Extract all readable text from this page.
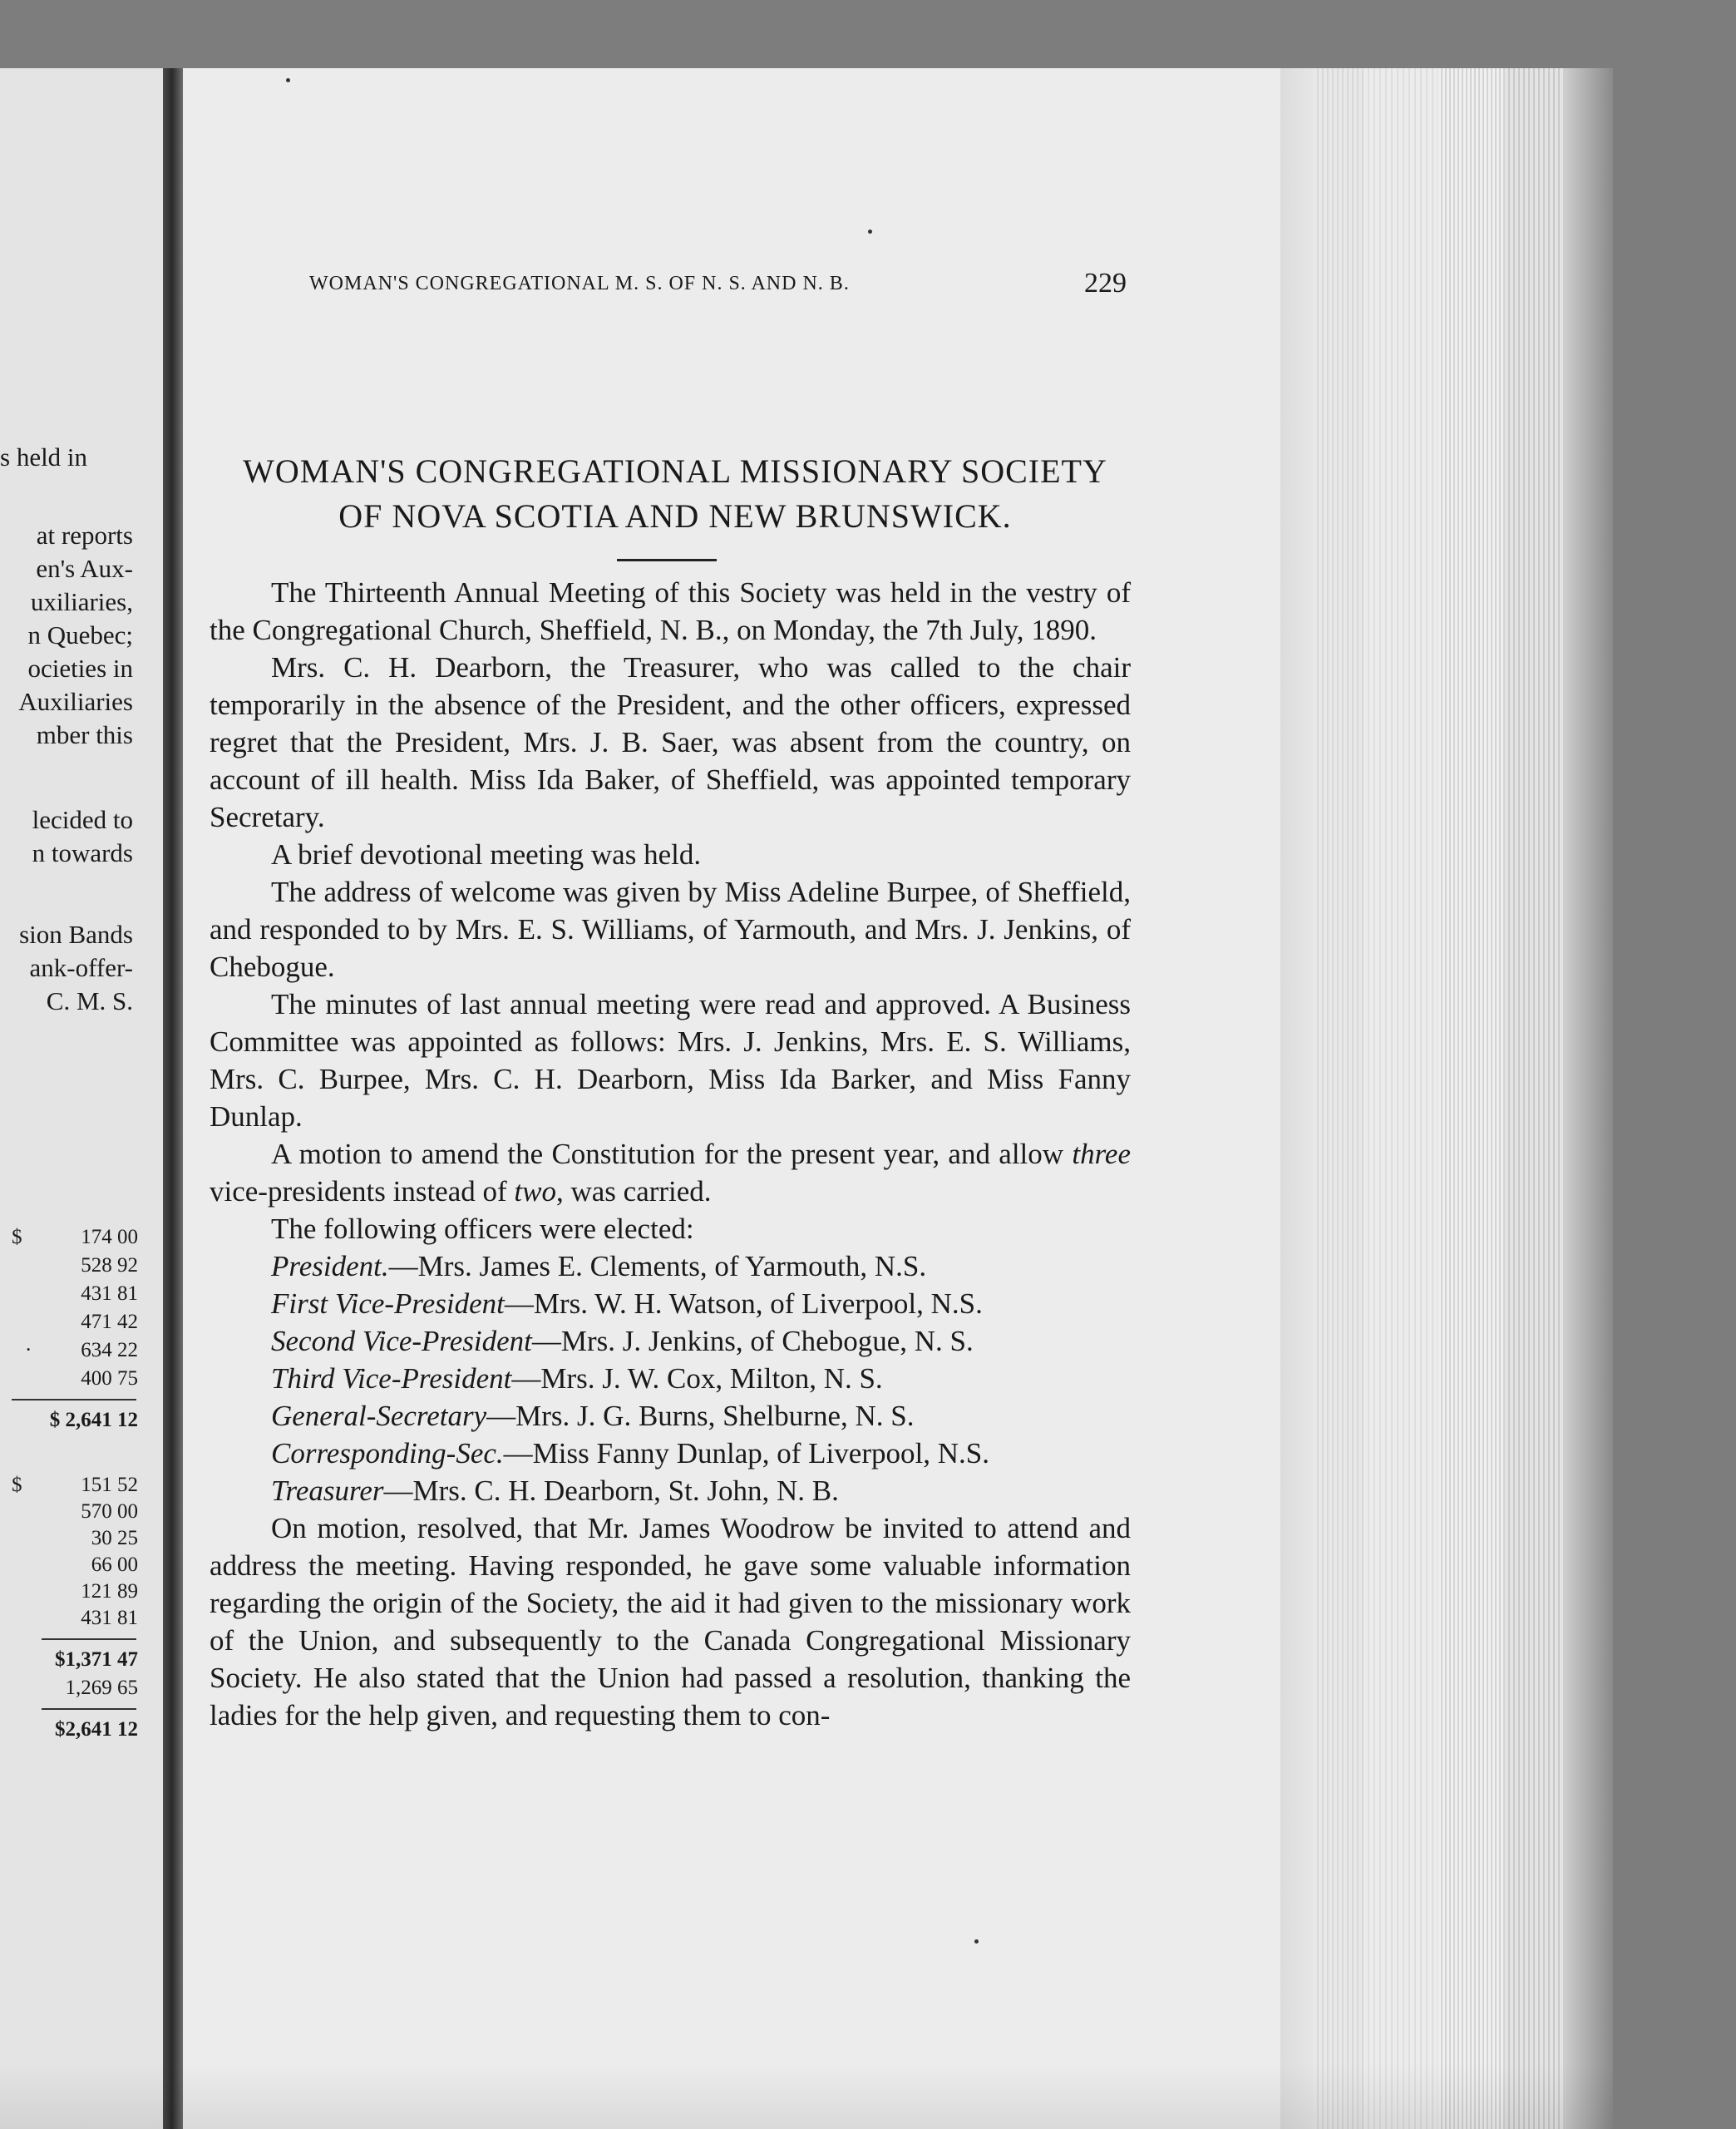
s held in
at reports
en's Aux-
uxiliaries,
n Quebec;
ocieties in
Auxiliaries
mber this
lecided to
n towards
sion Bands
ank-offer-
C. M. S.
$	174 00
528 92
431 81
471 42
· 634 22
400 75
$ 2,641 12
$	151 52
570 00
30 25
66 00
121 89
431 81
$1,371 47
1,269 65
$2,641 12
WOMAN'S CONGREGATIONAL M. S. OF N. S. AND N. B.	229
WOMAN'S CONGREGATIONAL MISSIONARY SOCIETY
OF NOVA SCOTIA AND NEW BRUNSWICK.

The Thirteenth Annual Meeting of this Society was held in the vestry of the Congregational Church, Sheffield, N. B., on Monday, the 7th July, 1890.

Mrs. C. H. Dearborn, the Treasurer, who was called to the chair temporarily in the absence of the President, and the other officers, expressed regret that the President, Mrs. J. B. Saer, was absent from the country, on account of ill health. Miss Ida Baker, of Sheffield, was appointed temporary Secretary.

A brief devotional meeting was held.

The address of welcome was given by Miss Adeline Burpee, of Sheffield, and responded to by Mrs. E. S. Williams, of Yarmouth, and Mrs. J. Jenkins, of Chebogue.

The minutes of last annual meeting were read and approved. A Business Committee was appointed as follows: Mrs. J. Jenkins, Mrs. E. S. Williams, Mrs. C. Burpee, Mrs. C. H. Dearborn, Miss Ida Barker, and Miss Fanny Dunlap.

A motion to amend the Constitution for the present year, and allow three vice-presidents instead of two, was carried.

The following officers were elected:

President.—Mrs. James E. Clements, of Yarmouth, N.S.

First Vice-President—Mrs. W. H. Watson, of Liverpool, N.S.

Second Vice-President—Mrs. J. Jenkins, of Chebogue, N. S.

Third Vice-President—Mrs. J. W. Cox, Milton, N. S.

General-Secretary—Mrs. J. G. Burns, Shelburne, N. S.

Corresponding-Sec.—Miss Fanny Dunlap, of Liverpool, N.S.

Treasurer—Mrs. C. H. Dearborn, St. John, N. B.

On motion, resolved, that Mr. James Woodrow be invited to attend and address the meeting. Having responded, he gave some valuable information regarding the origin of the Society, the aid it had given to the missionary work of the Union, and subsequently to the Canada Congregational Missionary Society. He also stated that the Union had passed a resolution, thanking the ladies for the help given, and requesting them to con-
